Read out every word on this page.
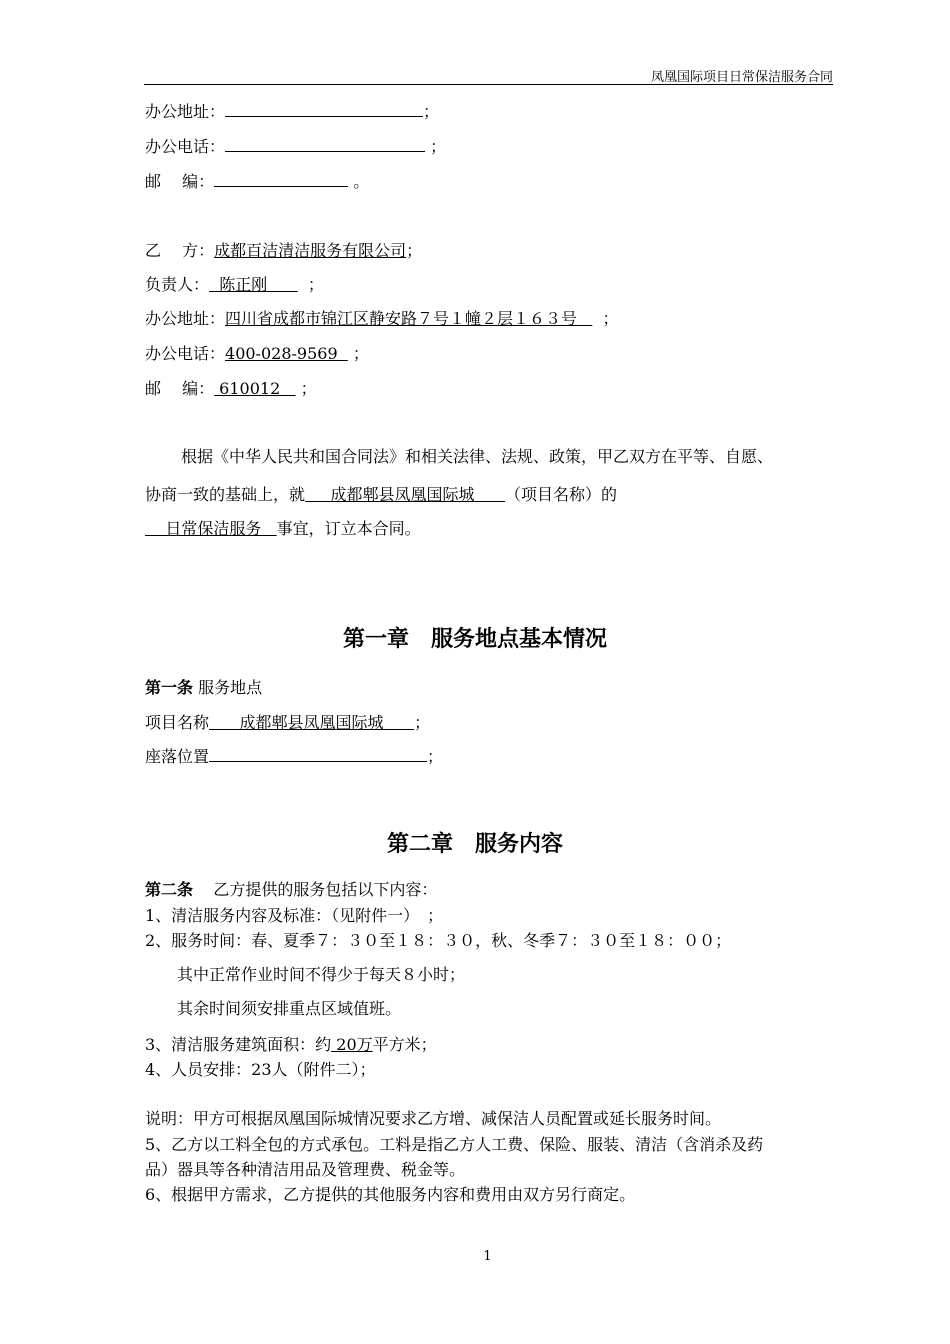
凤凰国际项目日常保洁服务合同
办公地址：	；
办公电话：	；
邮　 编：	。
乙　 方：成都百洁清洁服务有限公司；
负责人：  陈正刚        ；
办公地址：四川省成都市锦江区静安路７号１幢２层１６３号     ；
办公电话：400-028-9569   ；
邮　 编： 610012    ；
根据《中华人民共和国合同法》和相关法律、法规、政策，甲乙双方在平等、自愿、
协商一致的基础上，就     成都郫县凤凰国际城      （项目名称）的
日常保洁服务   事宜，订立本合同。
第一章　服务地点基本情况
第一条 服务地点
项目名称      成都郫县凤凰国际城      ；
座落位置	；
第二章　服务内容
第二条    乙方提供的服务包括以下内容：
1、清洁服务内容及标准：（见附件一）　；
2、服务时间：春、夏季７：３０至１８：３０，秋、冬季７：３０至１８：００；
其中正常作业时间不得少于每天８小时；
其余时间须安排重点区域值班。
3、清洁服务建筑面积：约 20万平方米；
4、人员安排：23人（附件二）；
说明：甲方可根据凤凰国际城情况要求乙方增、减保洁人员配置或延长服务时间。
5、乙方以工料全包的方式承包。工料是指乙方人工费、保险、服装、清洁（含消杀及药
品）器具等各种清洁用品及管理费、税金等。
6、根据甲方需求，乙方提供的其他服务内容和费用由双方另行商定。
1
